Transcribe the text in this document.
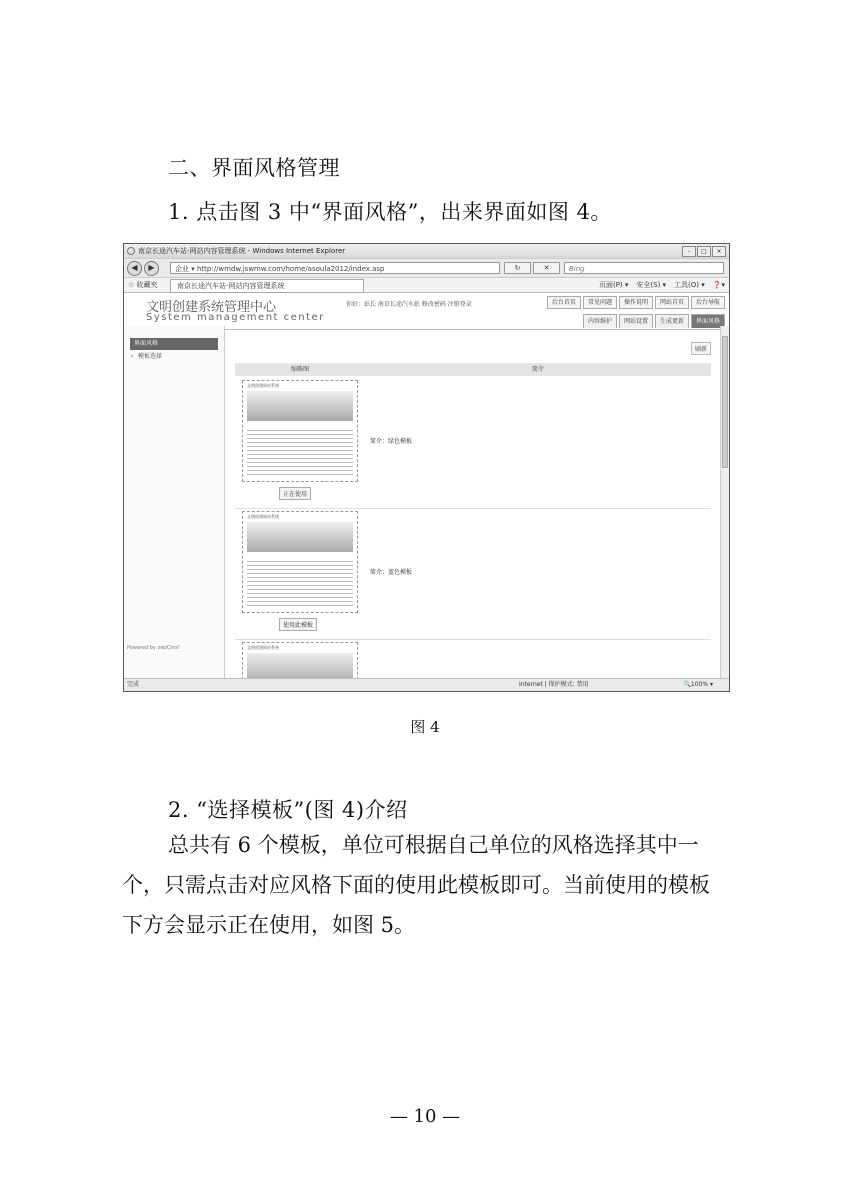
二、界面风格管理
1. 点击图 3 中“界面风格”，出来界面如图 4。
南京长途汽车站-网站内容管理系统 - Windows Internet Explorer	–	□	×
◀	▶	企业 ▾ http://wmdw.jswmw.com/home/asoula2012/index.asp	↻	✕	Bing
☆ 收藏夹	南京长途汽车站-网站内容管理系统	页面(P) ▾ 安全(S) ▾ 工具(O) ▾ ❓▾
文明创建系统管理中心
System management center
你好：站长 南京长途汽车站 修改密码 注销登录	后台首页	常见问题	操作说明	网站首页	后台导航
内容维护	网站设置	生成更新	界面风格
界面风格
› 模板选择
Powered by zwzCms!
刷新
缩略图	简介
文明创建网站系统
正在使用
简介：绿色模板
文明创建网站系统
使用此模板
简介：蓝色模板
文明创建网站系统
完成	Internet | 保护模式: 禁用	🔍100% ▾
图 4
2. “选择模板”(图 4)介绍
总共有 6 个模板，单位可根据自己单位的风格选择其中一个，只需点击对应风格下面的使用此模板即可。当前使用的模板下方会显示正在使用，如图 5。
— 10 —
